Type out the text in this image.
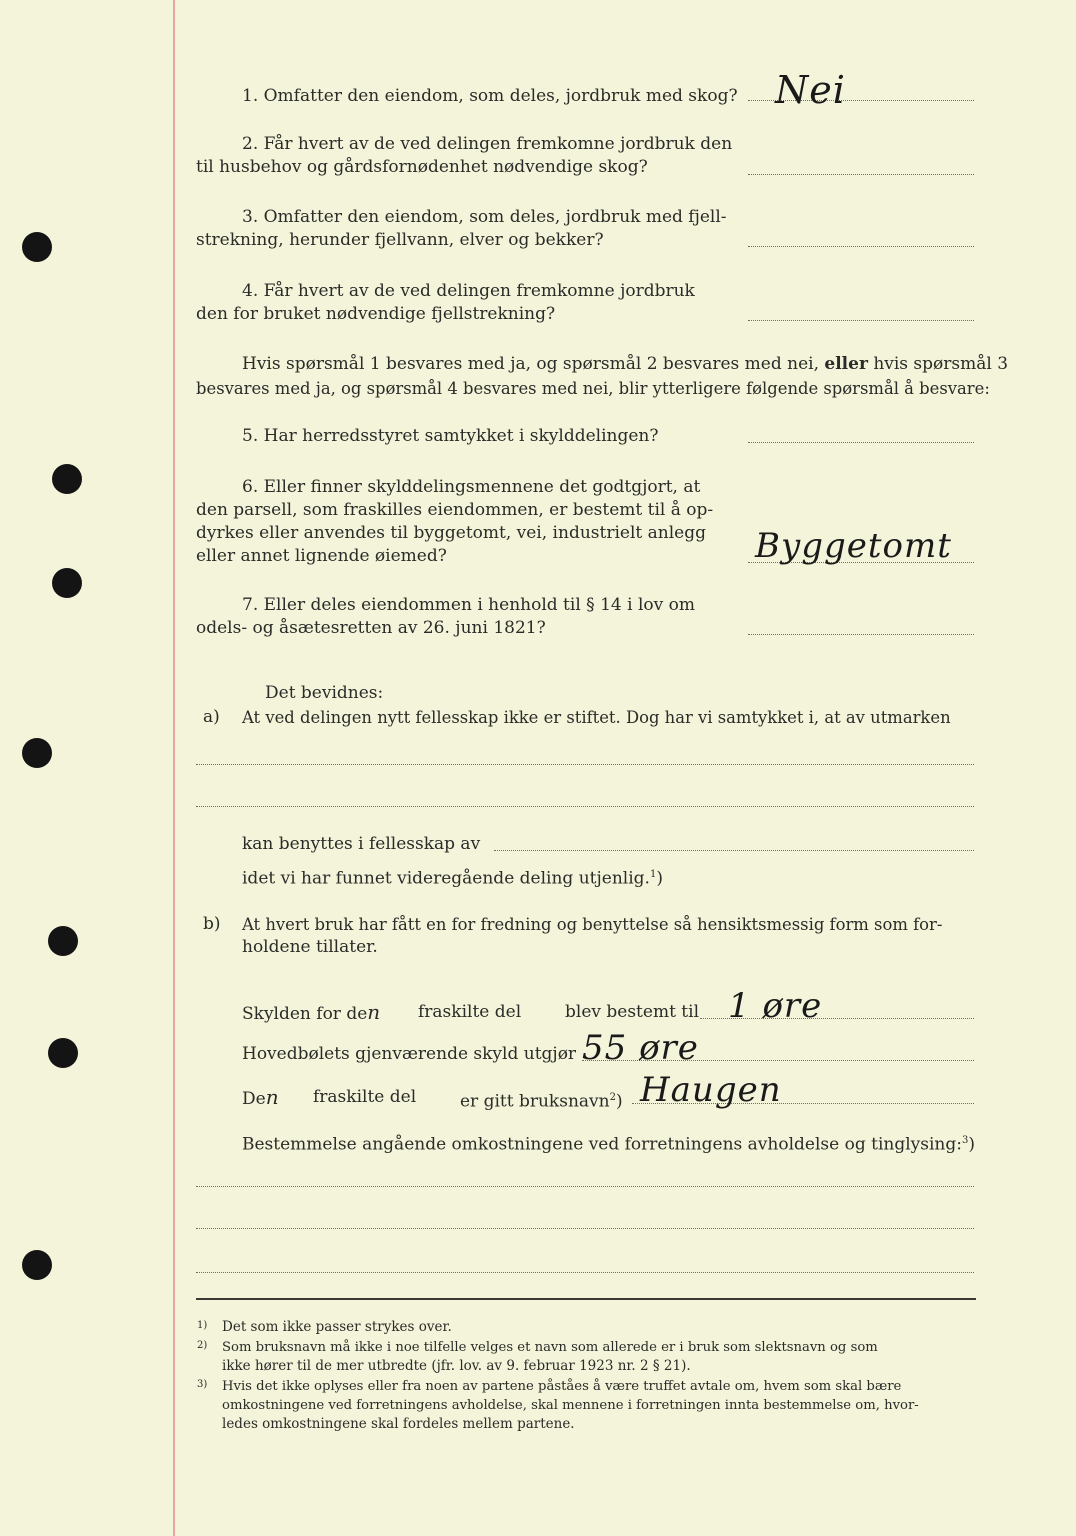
1. Omfatter den eiendom, som deles, jordbruk med skog? Nei
2. Får hvert av de ved delingen fremkomne jordbruk den
til husbehov og gårdsfornødenhet nødvendige skog?
3. Omfatter den eiendom, som deles, jordbruk med fjell-
strekning, herunder fjellvann, elver og bekker?
4. Får hvert av de ved delingen fremkomne jordbruk
den for bruket nødvendige fjellstrekning?
Hvis spørsmål 1 besvares med ja, og spørsmål 2 besvares med nei, eller hvis spørsmål 3
besvares med ja, og spørsmål 4 besvares med nei, blir ytterligere følgende spørsmål å besvare:
5. Har herredsstyret samtykket i skylddelingen?
6. Eller finner skylddelingsmennene det godtgjort, at
den parsell, som fraskilles eiendommen, er bestemt til å op-
dyrkes eller anvendes til byggetomt, vei, industrielt anlegg
eller annet lignende øiemed?	Byggetomt
7. Eller deles eiendommen i henhold til § 14 i lov om
odels- og åsætesretten av 26. juni 1821?
Det bevidnes:
a) At ved delingen nytt fellesskap ikke er stiftet. Dog har vi samtykket i, at av utmarken
kan benyttes i fellesskap av
idet vi har funnet videregående deling utjenlig.$^1$)
b) At hvert bruk har fått en for fredning og benyttelse så hensiktsmessig form som for-
holdene tillater.
Skylden for den fraskilte del	blev bestemt til 1 øre
Hovedbølets gjenværende skyld utgjør 55 øre
Den fraskilte del	er gitt bruksnavn$^2$) Haugen
Bestemmelse angående omkostningene ved forretningens avholdelse og tinglysing:$^3$)
1) Det som ikke passer strykes over.
2) Som bruksnavn må ikke i noe tilfelle velges et navn som allerede er i bruk som slektsnavn og som
ikke hører til de mer utbredte (jfr. lov. av 9. februar 1923 nr. 2 § 21).
3) Hvis det ikke oplyses eller fra noen av partene påståes å være truffet avtale om, hvem som skal bære
omkostningene ved forretningens avholdelse, skal mennene i forretningen innta bestemmelse om, hvor-
ledes omkostningene skal fordeles mellem partene.
